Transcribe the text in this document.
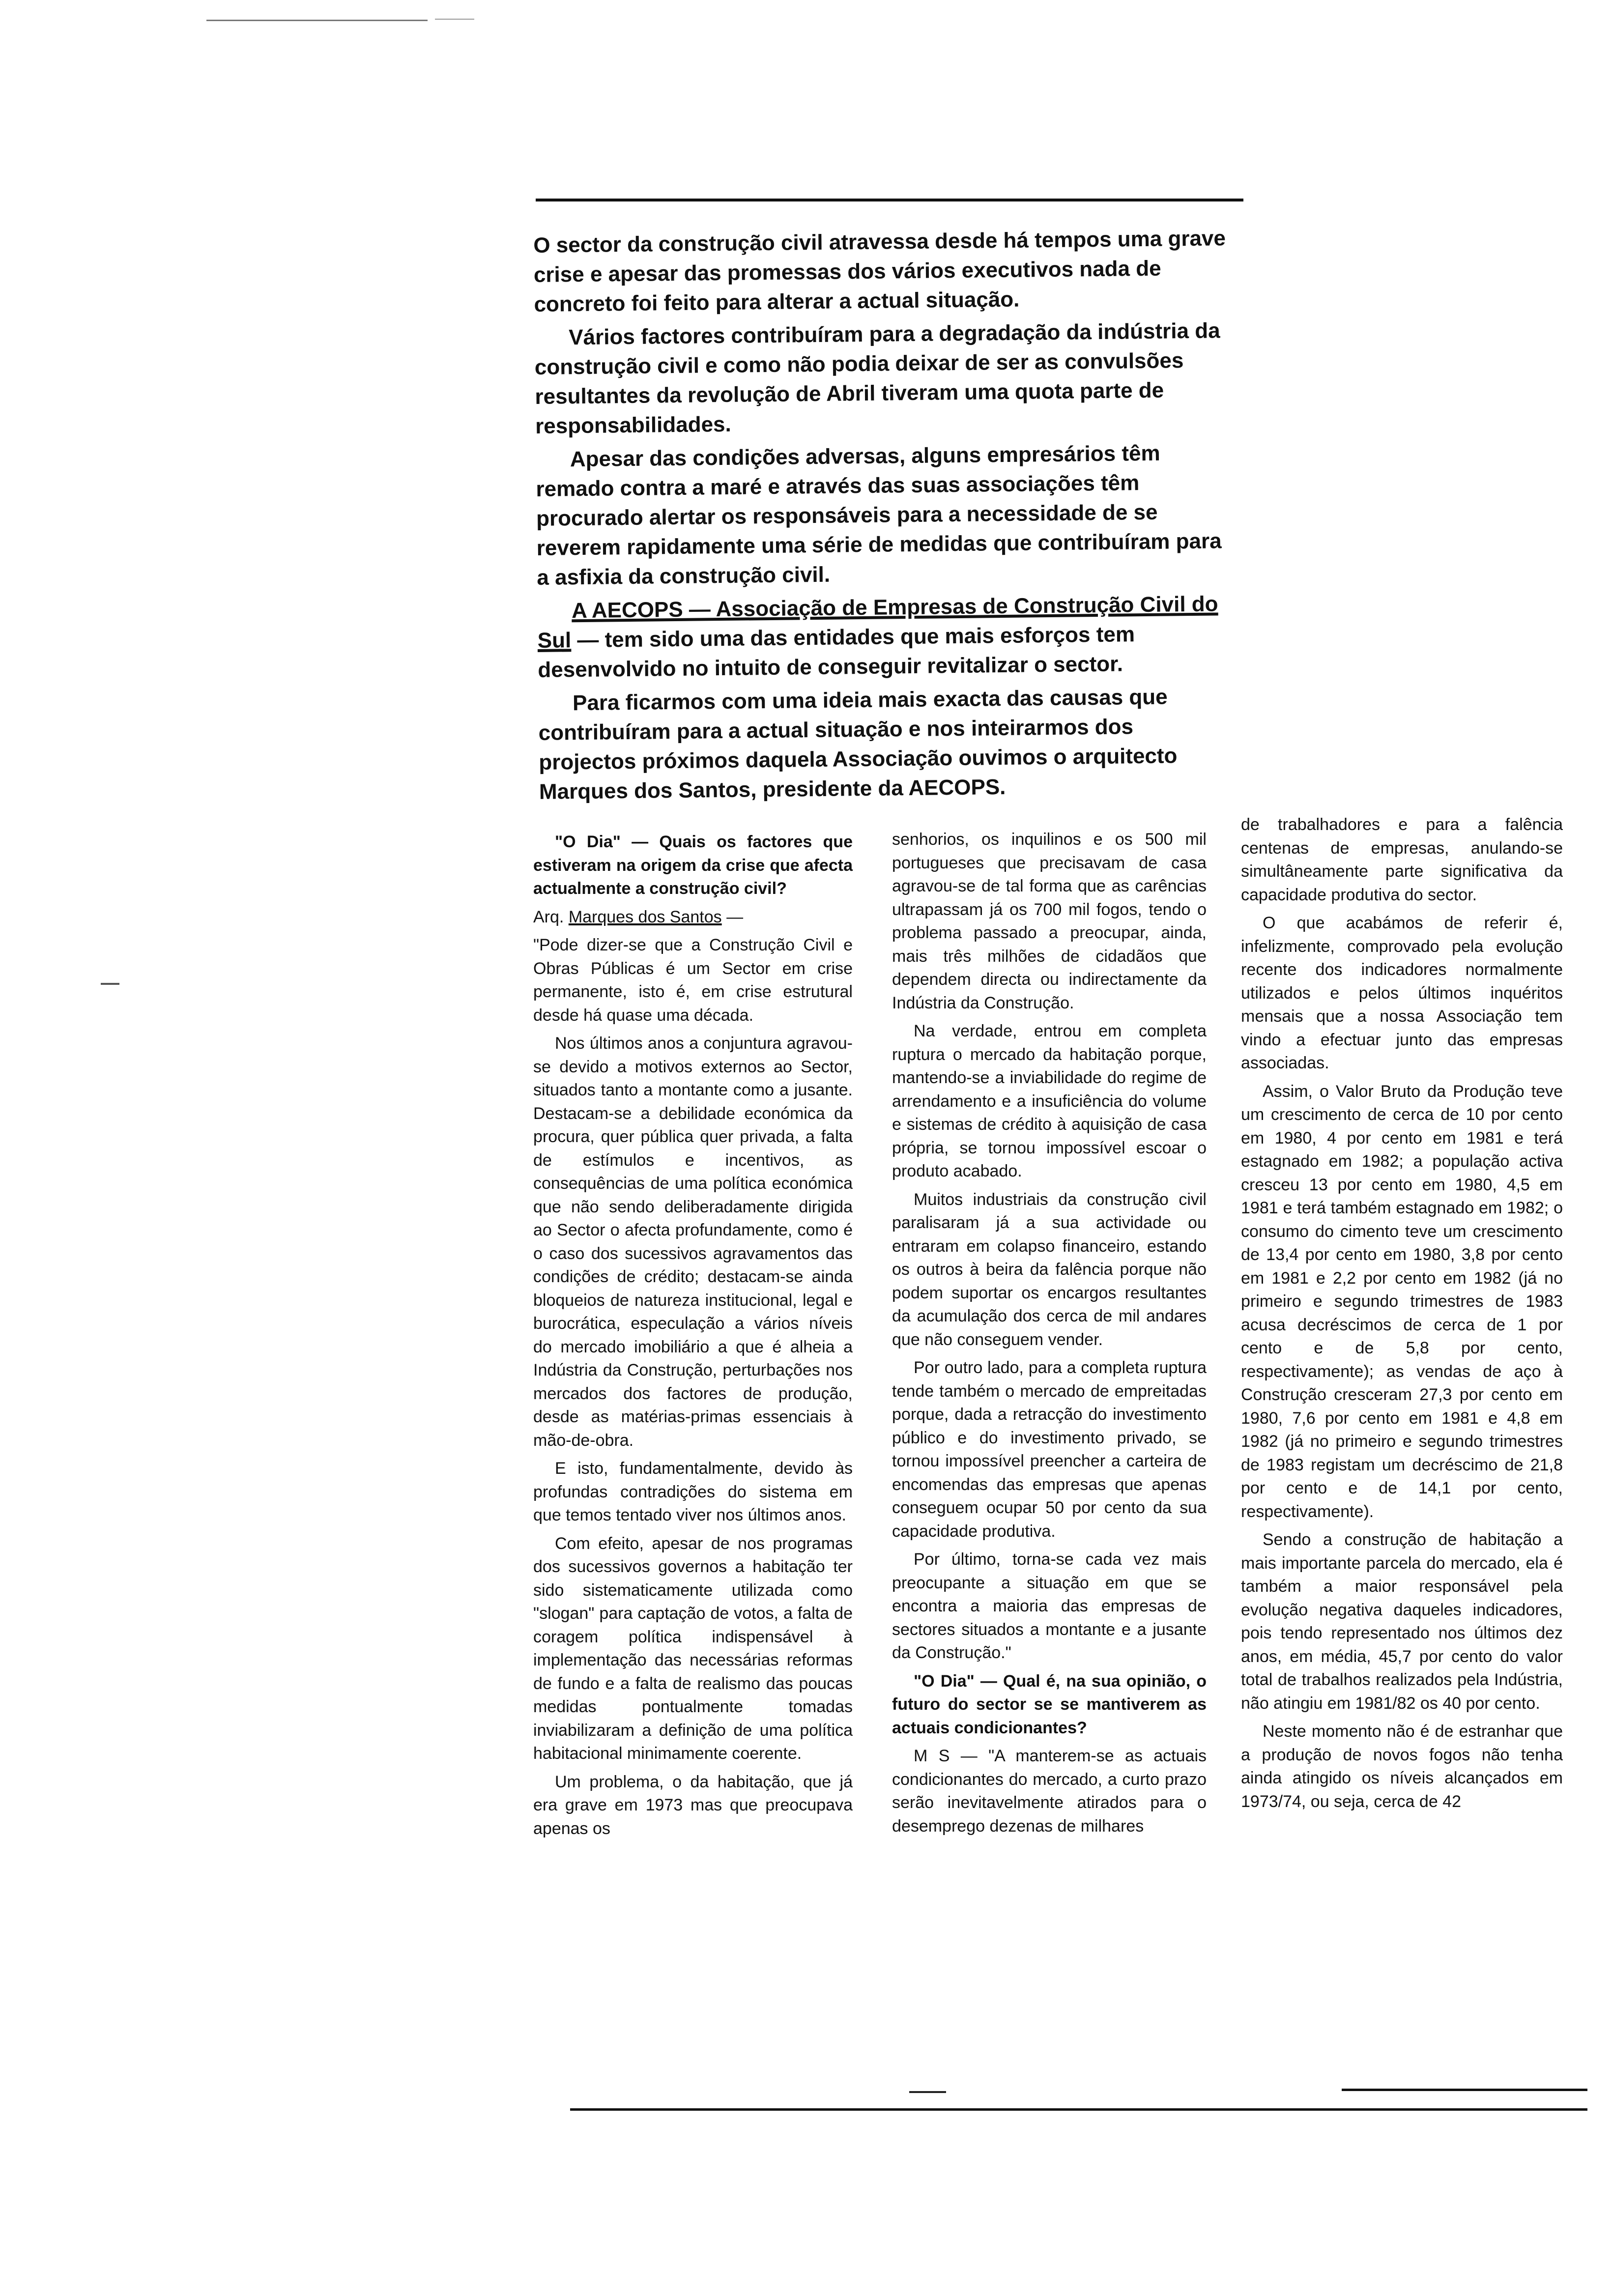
O sector da construção civil atravessa desde há tempos uma grave crise e apesar das promessas dos vários executivos nada de concreto foi feito para alterar a actual situação.

Vários factores contribuíram para a degradação da indústria da construção civil e como não podia deixar de ser as convulsões resultantes da revolução de Abril tiveram uma quota parte de responsabilidades.

Apesar das condições adversas, alguns empresários têm remado contra a maré e através das suas associações têm procurado alertar os responsáveis para a necessidade de se reverem rapidamente uma série de medidas que contribuíram para a asfixia da construção civil.

A AECOPS — Associação de Empresas de Construção Civil do Sul — tem sido uma das entidades que mais esforços tem desenvolvido no intuito de conseguir revitalizar o sector.

Para ficarmos com uma ideia mais exacta das causas que contribuíram para a actual situação e nos inteirarmos dos projectos próximos daquela Associação ouvimos o arquitecto Marques dos Santos, presidente da AECOPS.

"O Dia" — Quais os factores que estiveram na origem da crise que afecta actualmente a construção civil?

Arq. Marques dos Santos —

"Pode dizer-se que a Construção Civil e Obras Públicas é um Sector em crise permanente, isto é, em crise estrutural desde há quase uma década.

Nos últimos anos a conjuntura agravou-se devido a motivos externos ao Sector, situados tanto a montante como a jusante. Destacam-se a debilidade económica da procura, quer pública quer privada, a falta de estímulos e incentivos, as consequências de uma política económica que não sendo deliberadamente dirigida ao Sector o afecta profundamente, como é o caso dos sucessivos agravamentos das condições de crédito; destacam-se ainda bloqueios de natureza institucional, legal e burocrática, especulação a vários níveis do mercado imobiliário a que é alheia a Indústria da Construção, perturbações nos mercados dos factores de produção, desde as matérias-primas essenciais à mão-de-obra.

E isto, fundamentalmente, devido às profundas contradições do sistema em que temos tentado viver nos últimos anos.

Com efeito, apesar de nos programas dos sucessivos governos a habitação ter sido sistematicamente utilizada como "slogan" para captação de votos, a falta de coragem política indispensável à implementação das necessárias reformas de fundo e a falta de realismo das poucas medidas pontualmente tomadas inviabilizaram a definição de uma política habitacional minimamente coerente.

Um problema, o da habitação, que já era grave em 1973 mas que preocupava apenas os

senhorios, os inquilinos e os 500 mil portugueses que precisavam de casa agravou-se de tal forma que as carências ultrapassam já os 700 mil fogos, tendo o problema passado a preocupar, ainda, mais três milhões de cidadãos que dependem directa ou indirectamente da Indústria da Construção.

Na verdade, entrou em completa ruptura o mercado da habitação porque, mantendo-se a inviabilidade do regime de arrendamento e a insuficiência do volume e sistemas de crédito à aquisição de casa própria, se tornou impossível escoar o produto acabado.

Muitos industriais da construção civil paralisaram já a sua actividade ou entraram em colapso financeiro, estando os outros à beira da falência porque não podem suportar os encargos resultantes da acumulação dos cerca de mil andares que não conseguem vender.

Por outro lado, para a completa ruptura tende também o mercado de empreitadas porque, dada a retracção do investimento público e do investimento privado, se tornou impossível preencher a carteira de encomendas das empresas que apenas conseguem ocupar 50 por cento da sua capacidade produtiva.

Por último, torna-se cada vez mais preocupante a situação em que se encontra a maioria das empresas de sectores situados a montante e a jusante da Construção."

"O Dia" — Qual é, na sua opinião, o futuro do sector se se mantiverem as actuais condicionantes?

M S — "A manterem-se as actuais condicionantes do mercado, a curto prazo serão inevitavelmente atirados para o desemprego dezenas de milhares

de trabalhadores e para a falência centenas de empresas, anulando-se simultâneamente parte significativa da capacidade produtiva do sector.

O que acabámos de referir é, infelizmente, comprovado pela evolução recente dos indicadores normalmente utilizados e pelos últimos inquéritos mensais que a nossa Associação tem vindo a efectuar junto das empresas associadas.

Assim, o Valor Bruto da Produção teve um crescimento de cerca de 10 por cento em 1980, 4 por cento em 1981 e terá estagnado em 1982; a população activa cresceu 13 por cento em 1980, 4,5 em 1981 e terá também estagnado em 1982; o consumo do cimento teve um crescimento de 13,4 por cento em 1980, 3,8 por cento em 1981 e 2,2 por cento em 1982 (já no primeiro e segundo trimestres de 1983 acusa decréscimos de cerca de 1 por cento e de 5,8 por cento, respectivamente); as vendas de aço à Construção cresceram 27,3 por cento em 1980, 7,6 por cento em 1981 e 4,8 em 1982 (já no primeiro e segundo trimestres de 1983 registam um decréscimo de 21,8 por cento e de 14,1 por cento, respectivamente).

Sendo a construção de habitação a mais importante parcela do mercado, ela é também a maior responsável pela evolução negativa daqueles indicadores, pois tendo representado nos últimos dez anos, em média, 45,7 por cento do valor total de trabalhos realizados pela Indústria, não atingiu em 1981/82 os 40 por cento.

Neste momento não é de estranhar que a produção de novos fogos não tenha ainda atingido os níveis alcançados em 1973/74, ou seja, cerca de 42
